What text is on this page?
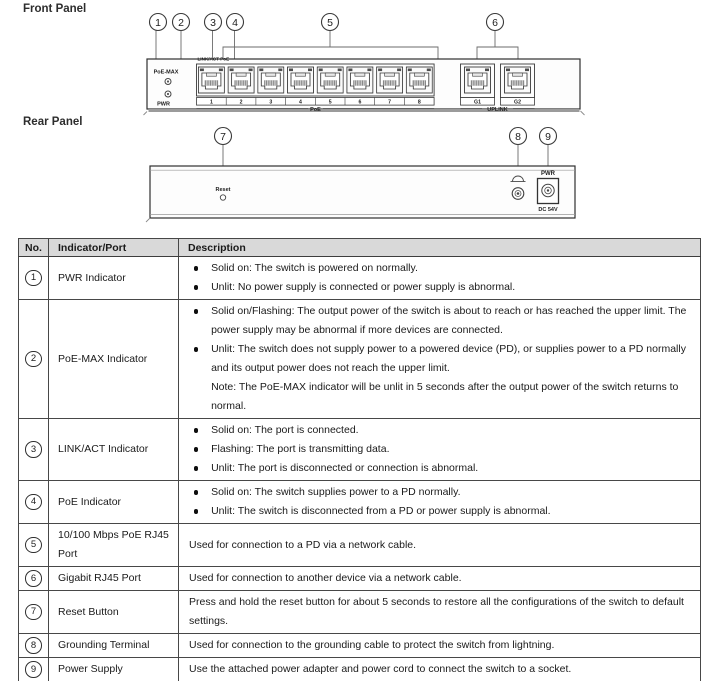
Front Panel
Rear Panel
1 2 3 4	5	6
PoE-MAX
PWR
LINK/ACT PoE
1	2	3	4	5	6	7	8
PoE
G1	G2
UPLINK
7	8 9
Reset
PWR
DC 54V
No.	Indicator/Port	Description
1	PWR Indicator	Solid on: The switch is powered on normally.
Unlit: No power supply is connected or power supply is abnormal.

2	PoE-MAX Indicator	Solid on/Flashing: The output power of the switch is about to reach or has reached the upper limit. The power supply may be abnormal if more devices are connected.
Unlit: The switch does not supply power to a powered device (PD), or supplies power to a PD normally and its output power does not reach the upper limit.
Note: The PoE-MAX indicator will be unlit in 5 seconds after the output power of the switch returns to normal.

3	LINK/ACT Indicator	Solid on: The port is connected.
Flashing: The port is transmitting data.
Unlit: The port is disconnected or connection is abnormal.

4	PoE Indicator	Solid on: The switch supplies power to a PD normally.
Unlit: The switch is disconnected from a PD or power supply is abnormal.

5	10/100 Mbps PoE RJ45 Port	Used for connection to a PD via a network cable.

6	Gigabit RJ45 Port	Used for connection to another device via a network cable.

7	Reset Button	Press and hold the reset button for about 5 seconds to restore all the configurations of the switch to default settings.

8	Grounding Terminal	Used for connection to the grounding cable to protect the switch from lightning.

9	Power Supply	Use the attached power adapter and power cord to connect the switch to a socket.
